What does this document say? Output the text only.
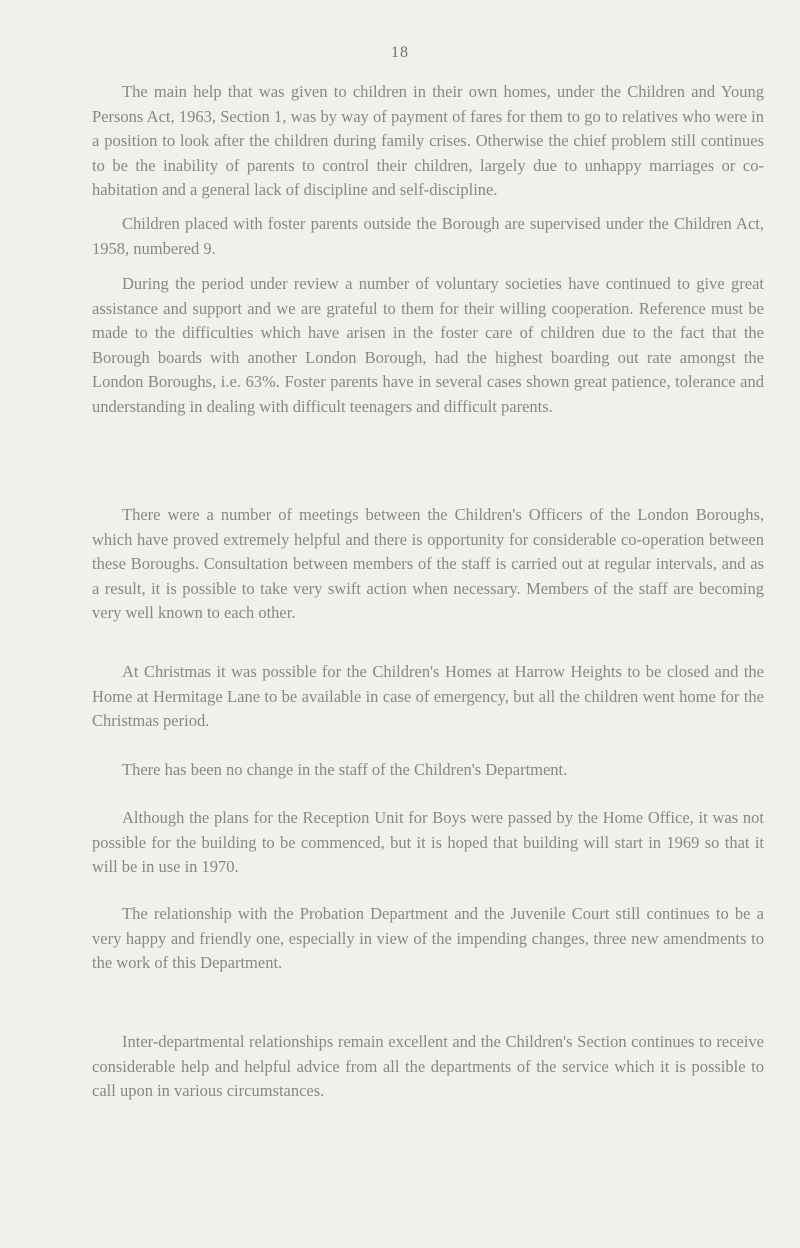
18
The main help that was given to children in their own homes, under the Children and Young Persons Act, 1963, Section 1, was by way of payment of fares for them to go to relatives who were in a position to look after the children during family crises. Otherwise the chief problem still continues to be the inability of parents to control their children, largely due to unhappy marriages or co-habitation and a general lack of discipline and self-discipline.
Children placed with foster parents outside the Borough are supervised under the Children Act, 1958, numbered 9.
During the period under review a number of voluntary societies have continued to give great assistance and support and we are grateful to them for their willing cooperation. Reference must be made to the difficulties which have arisen in the foster care of children due to the fact that the Borough boards with another London Borough, had the highest boarding out rate amongst the London Boroughs, i.e. 63%. Foster parents have in several cases shown great patience, tolerance and understanding in dealing with difficult teenagers and difficult parents.
There were a number of meetings between the Children's Officers of the London Boroughs, which have proved extremely helpful and there is opportunity for considerable co-operation between these Boroughs. Consultation between members of the staff is carried out at regular intervals, and as a result, it is possible to take very swift action when necessary. Members of the staff are becoming very well known to each other.
At Christmas it was possible for the Children's Homes at Harrow Heights to be closed and the Home at Hermitage Lane to be available in case of emergency, but all the children went home for the Christmas period.
There has been no change in the staff of the Children's Department.
Although the plans for the Reception Unit for Boys were passed by the Home Office, it was not possible for the building to be commenced, but it is hoped that building will start in 1969 so that it will be in use in 1970.
The relationship with the Probation Department and the Juvenile Court still continues to be a very happy and friendly one, especially in view of the impending changes, three new amendments to the work of this Department.
Inter-departmental relationships remain excellent and the Children's Section continues to receive considerable help and helpful advice from all the departments of the service which it is possible to call upon in various circumstances.
